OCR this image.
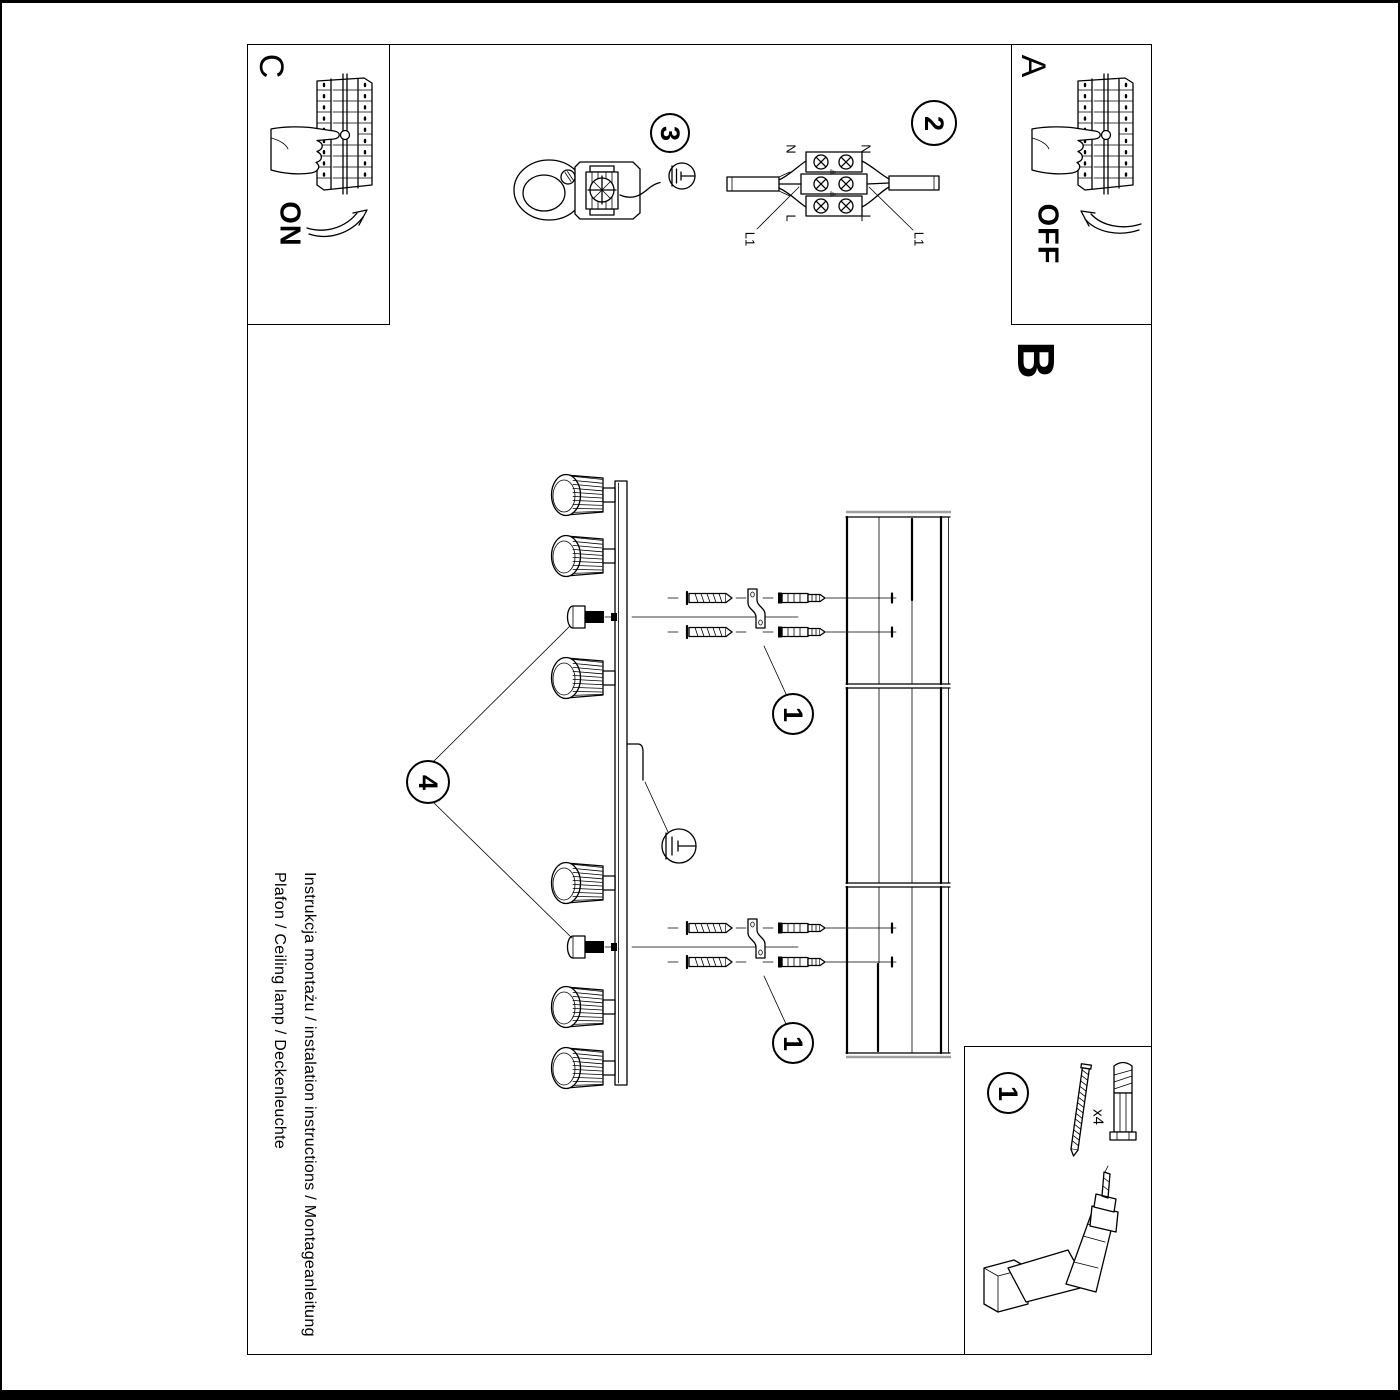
C
ON
A
OFF
B
2
3
4
1
1
1
N	N
L	L
L1	L1
x4
Instrukcja montażu / instalation instructions / Montageanleitung
Plafon / Ceiling lamp / Deckenleuchte
